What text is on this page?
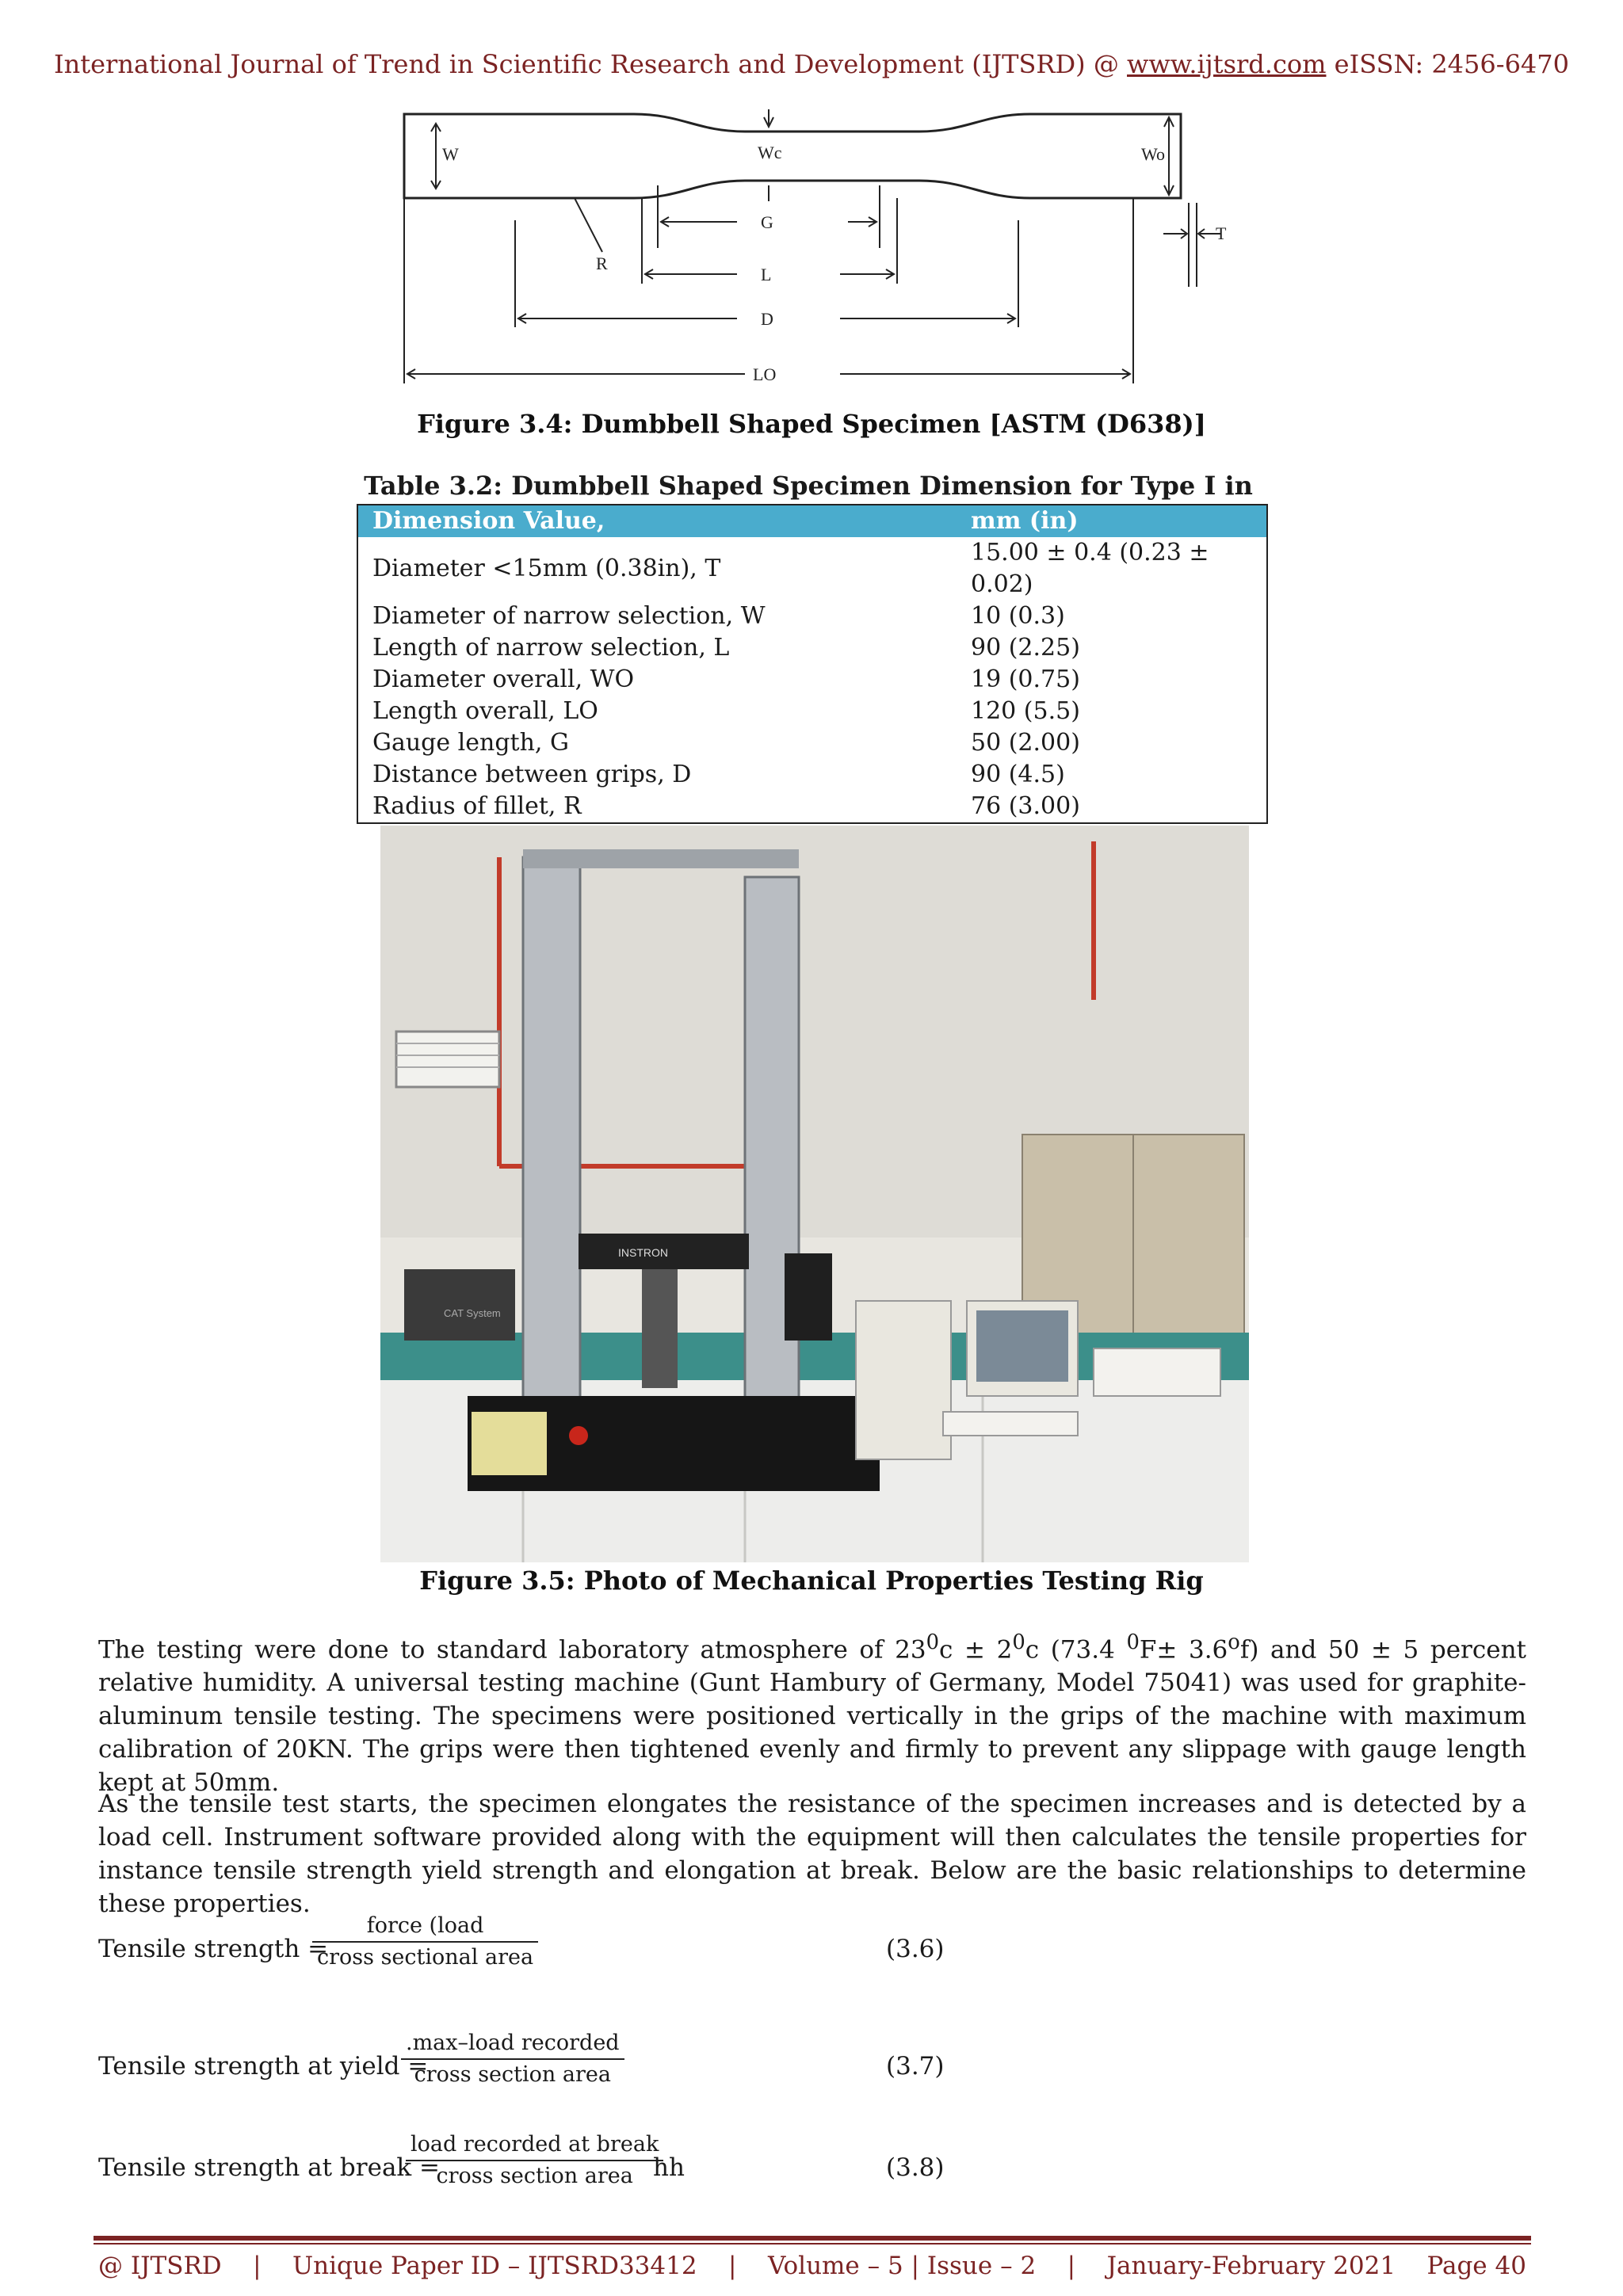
International Journal of Trend in Scientific Research and Development (IJTSRD) @ www.ijtsrd.com eISSN: 2456-6470
W	Wc	Wo
T
R
G
L
D
LO
Figure 3.4: Dumbbell Shaped Specimen [ASTM (D638)]
Table 3.2: Dumbbell Shaped Specimen Dimension for Type I in
Dimension Value,	mm (in)
Diameter <15mm (0.38in), T	15.00 ± 0.4 (0.23 ± 0.02)
Diameter of narrow selection, W	10 (0.3)
Length of narrow selection, L	90 (2.25)
Diameter overall, WO	19 (0.75)
Length overall, LO	120 (5.5)
Gauge length, G	50 (2.00)
Distance between grips, D	90 (4.5)
Radius of fillet, R	76 (3.00)
INSTRON
CAT System
Figure 3.5: Photo of Mechanical Properties Testing Rig
The testing were done to standard laboratory atmosphere of $23^0c \pm 2^0c$ (73.4 $^0F\pm 3.6^of$) and 50 ± 5 percent relative humidity. A universal testing machine (Gunt Hambury of Germany, Model 75041) was used for graphite-aluminum tensile testing. The specimens were positioned vertically in the grips of the machine with maximum calibration of 20KN. The grips were then tightened evenly and firmly to prevent any slippage with gauge length kept at 50mm.
As the tensile test starts, the specimen elongates the resistance of the specimen increases and is detected by a load cell. Instrument software provided along with the equipment will then calculates the tensile properties for instance tensile strength yield strength and elongation at break. Below are the basic relationships to determine these properties.
Tensile strength =
force (load
cross sectional area	(3.6)
Tensile strength at yield =
.max–load recorded
cross section area	(3.7)
Tensile strength at break =
load recorded at break
cross section area hh	(3.8)
@ IJTSRD | Unique Paper ID – IJTSRD33412 | Volume – 5 | Issue – 2 | January-February 2021 Page 40
